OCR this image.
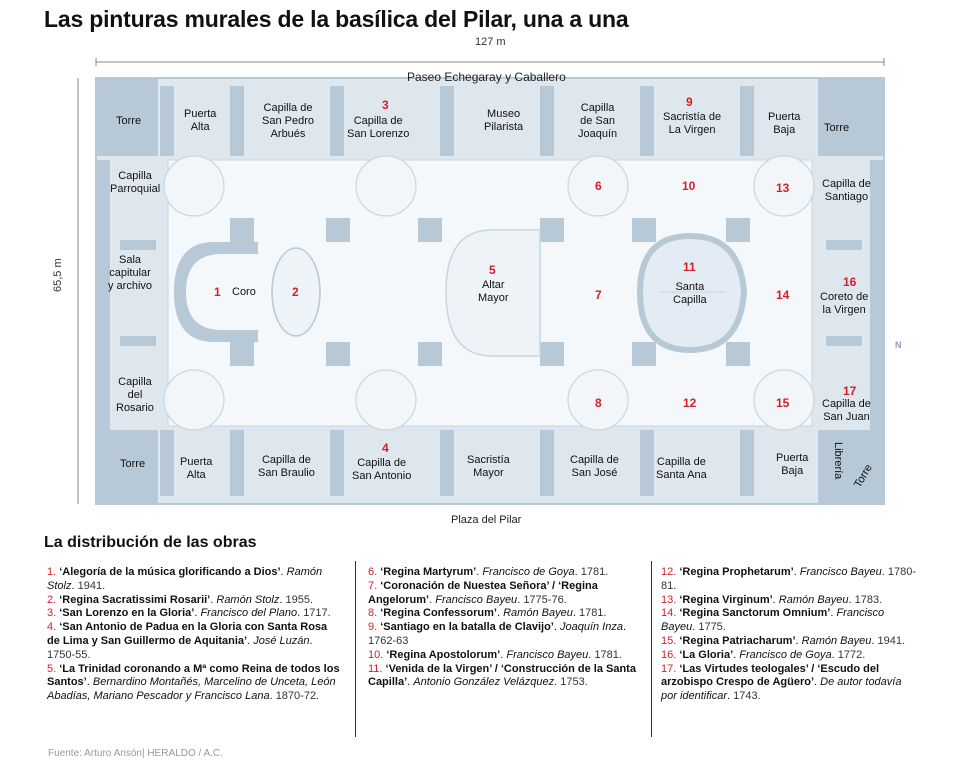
Las pinturas murales de la basílica del Pilar, una a una
127 m
65,5 m
Paseo Echegaray y Caballero
Plaza del Pilar
N
Torre
Puerta
Alta
Capilla de
San Pedro
Arbués
Capilla de
San Lorenzo
Museo
Pilarista
Capilla
de San
Joaquín
Sacristía de
La Virgen
Puerta
Baja	Torre
Capilla
Parroquial	Capilla de
Santiago
Sala
capitular
y archivo	Coro
Altar
Mayor
Santa
Capilla	Coreto de
la Virgen
Capilla
del
Rosario	Capilla de
San Juan
Torre	Puerta
Alta
Capilla de
San Braulio
Capilla de
San Antonio
Sacristía
Mayor
Capilla de
San José
Capilla de
Santa Ana
Puerta
Baja	Librería Torre
1	2
3
4
5
6
7
8
9
10
11
12
13
14
15
16
17
La distribución de las obras

1. ‘Alegoría de la música glorificando a Dios’. Ramón Stolz. 1941.

2. ‘Regina Sacratissimi Rosarii’. Ramón Stolz. 1955.

3. ‘San Lorenzo en la Gloria’. Francisco del Plano. 1717.

4. ‘San Antonio de Padua en la Gloria con Santa Rosa de Lima y San Guillermo de Aquitania’. José Luzán. 1750-55.

5. ‘La Trinidad coronando a Mª como Reina de todos los Santos’. Bernardino Montañés, Marcelino de Unceta, León Abadías, Mariano Pescador y Francisco Lana. 1870-72.

6. ‘Regina Martyrum’. Francisco de Goya. 1781.

7. ‘Coronación de Nuestea Señora’ / ‘Regina Angelorum’. Francisco Bayeu. 1775-76.

8. ‘Regina Confessorum’. Ramón Bayeu. 1781.

9. ‘Santiago en la batalla de Clavijo’. Joaquín Inza. 1762-63

10. ‘Regina Apostolorum’. Francisco Bayeu. 1781.

11. ‘Venida de la Virgen’ / ‘Construcción de la Santa Capilla’. Antonio González Velázquez. 1753.

12. ‘Regina Prophetarum’. Francisco Bayeu. 1780-81.

13. ‘Regina Virginum’. Ramón Bayeu. 1783.

14. ‘Regina Sanctorum Omnium’. Francisco Bayeu. 1775.

15. ‘Regina Patriacharum’. Ramón Bayeu. 1941.

16. ‘La Gloria’. Francisco de Goya. 1772.

17. ‘Las Virtudes teologales’ / ‘Escudo del arzobispo Crespo de Agüero’. De autor todavía por identificar. 1743.

Fuente: Arturo Ansón| HERALDO / A.C.
